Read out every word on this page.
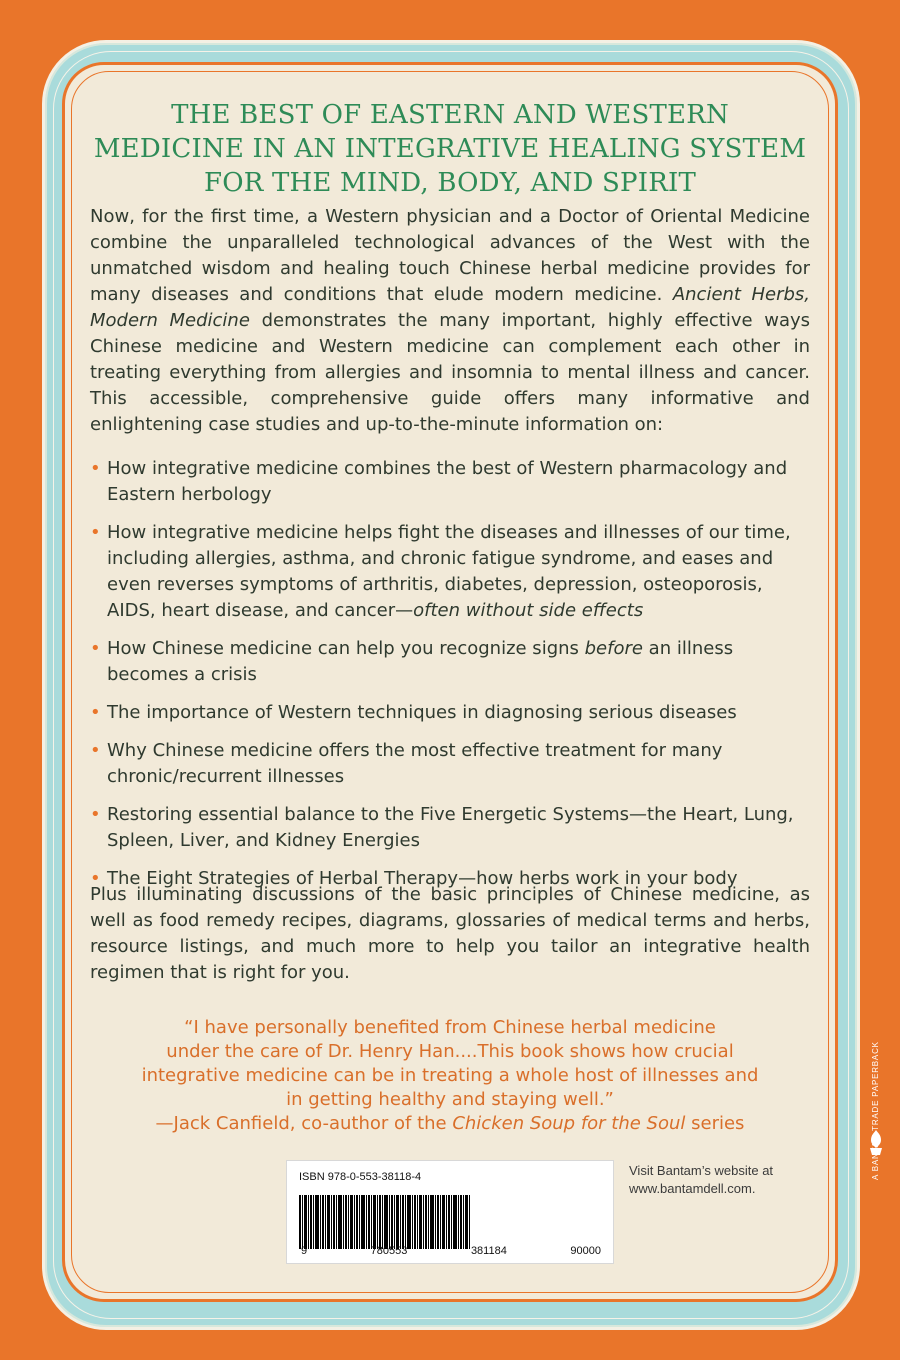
THE BEST OF EASTERN AND WESTERN
MEDICINE IN AN INTEGRATIVE HEALING SYSTEM
FOR THE MIND, BODY, AND SPIRIT
Now, for the first time, a Western physician and a Doctor of Oriental Medicine combine the unparalleled technological advances of the West with the unmatched wisdom and healing touch Chinese herbal medicine provides for many diseases and conditions that elude modern medicine. Ancient Herbs, Modern Medicine demonstrates the many important, highly effective ways Chinese medicine and Western medicine can complement each other in treating everything from allergies and insomnia to mental illness and cancer. This accessible, comprehensive guide offers many informative and enlightening case studies and up-to-the-minute information on:
• How integrative medicine combines the best of Western pharmacology and Eastern herbology
• How integrative medicine helps fight the diseases and illnesses of our time, including allergies, asthma, and chronic fatigue syndrome, and eases and even reverses symptoms of arthritis, diabetes, depression, osteoporosis, AIDS, heart disease, and cancer—often without side effects
• How Chinese medicine can help you recognize signs before an illness becomes a crisis
• The importance of Western techniques in diagnosing serious diseases
• Why Chinese medicine offers the most effective treatment for many chronic/recurrent illnesses
• Restoring essential balance to the Five Energetic Systems—the Heart, Lung, Spleen, Liver, and Kidney Energies
• The Eight Strategies of Herbal Therapy—how herbs work in your body
Plus illuminating discussions of the basic principles of Chinese medicine, as well as food remedy recipes, diagrams, glossaries of medical terms and herbs, resource listings, and much more to help you tailor an integrative health regimen that is right for you.
“I have personally benefited from Chinese herbal medicine
under the care of Dr. Henry Han....This book shows how crucial
integrative medicine can be in treating a whole host of illnesses and
in getting healthy and staying well.”
—Jack Canfield, co-author of the Chicken Soup for the Soul series
ISBN 978-0-553-38118-4
9	780553	381184	90000
Visit Bantam’s website at
www.bantamdell.com.
A BANTAM TRADE PAPERBACK
